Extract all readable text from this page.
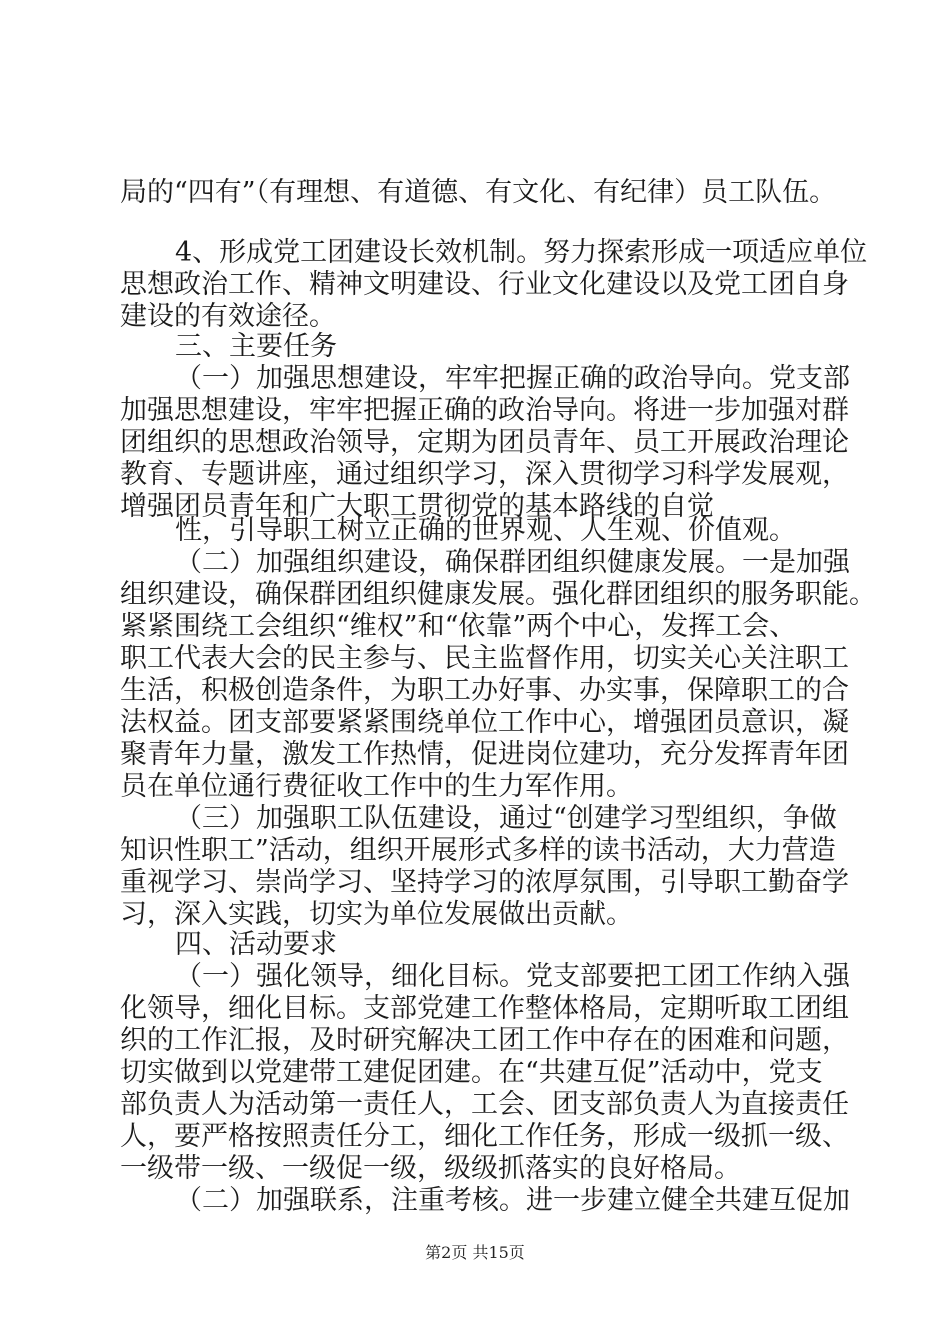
局的“四有”（有理想、有道德、有文化、有纪律）员工队伍。
4、形成党工团建设长效机制。努力探索形成一项适应单位
思想政治工作、精神文明建设、行业文化建设以及党工团自身
建设的有效途径。
三、主要任务
（一）加强思想建设，牢牢把握正确的政治导向。党支部
加强思想建设，牢牢把握正确的政治导向。将进一步加强对群
团组织的思想政治领导，定期为团员青年、员工开展政治理论
教育、专题讲座，通过组织学习，深入贯彻学习科学发展观，
增强团员青年和广大职工贯彻党的基本路线的自觉
性，引导职工树立正确的世界观、人生观、价值观。
（二）加强组织建设，确保群团组织健康发展。一是加强
组织建设，确保群团组织健康发展。强化群团组织的服务职能。
紧紧围绕工会组织“维权”和“依靠”两个中心，发挥工会、
职工代表大会的民主参与、民主监督作用，切实关心关注职工
生活，积极创造条件，为职工办好事、办实事，保障职工的合
法权益。团支部要紧紧围绕单位工作中心，增强团员意识，凝
聚青年力量，激发工作热情，促进岗位建功，充分发挥青年团
员在单位通行费征收工作中的生力军作用。
（三）加强职工队伍建设，通过“创建学习型组织，争做
知识性职工”活动，组织开展形式多样的读书活动，大力营造
重视学习、崇尚学习、坚持学习的浓厚氛围，引导职工勤奋学
习，深入实践，切实为单位发展做出贡献。
四、活动要求
（一）强化领导，细化目标。党支部要把工团工作纳入强
化领导，细化目标。支部党建工作整体格局，定期听取工团组
织的工作汇报，及时研究解决工团工作中存在的困难和问题，
切实做到以党建带工建促团建。在“共建互促”活动中，党支
部负责人为活动第一责任人，工会、团支部负责人为直接责任
人，要严格按照责任分工，细化工作任务，形成一级抓一级、
一级带一级、一级促一级，级级抓落实的良好格局。
（二）加强联系，注重考核。进一步建立健全共建互促加
第2页 共15页
